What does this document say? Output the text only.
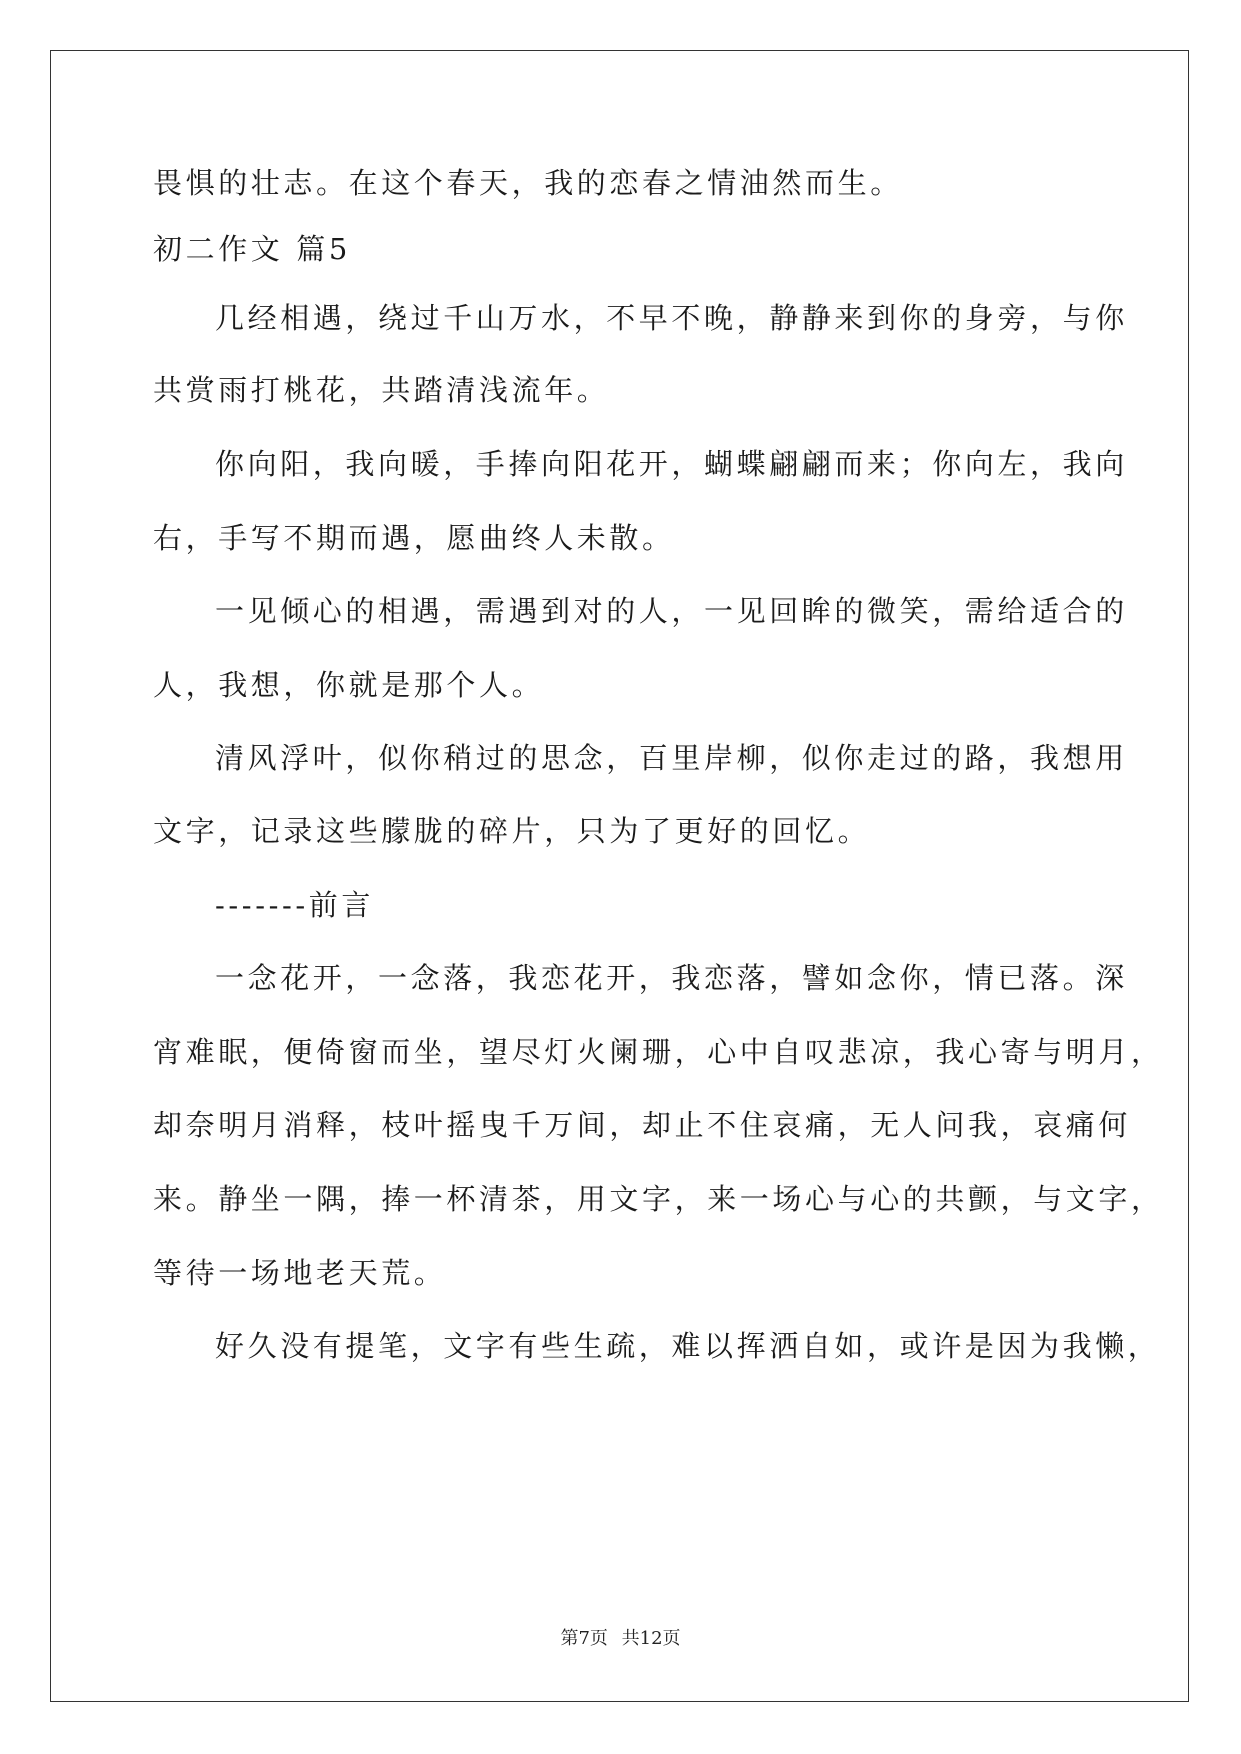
畏惧的壮志。在这个春天，我的恋春之情油然而生。
初二作文 篇5
几经相遇，绕过千山万水，不早不晚，静静来到你的身旁，与你
共赏雨打桃花，共踏清浅流年。
你向阳，我向暖，手捧向阳花开，蝴蝶翩翩而来；你向左，我向
右，手写不期而遇，愿曲终人未散。
一见倾心的相遇，需遇到对的人，一见回眸的微笑，需给适合的
人，我想，你就是那个人。
清风浮叶，似你稍过的思念，百里岸柳，似你走过的路，我想用
文字，记录这些朦胧的碎片，只为了更好的回忆。
-------前言
一念花开，一念落，我恋花开，我恋落，譬如念你，情已落。深
宵难眠，便倚窗而坐，望尽灯火阑珊，心中自叹悲凉，我心寄与明月，
却奈明月消释，枝叶摇曳千万间，却止不住哀痛，无人问我，哀痛何
来。静坐一隅，捧一杯清茶，用文字，来一场心与心的共颤，与文字，
等待一场地老天荒。
好久没有提笔，文字有些生疏，难以挥洒自如，或许是因为我懒，
第7页 共12页
